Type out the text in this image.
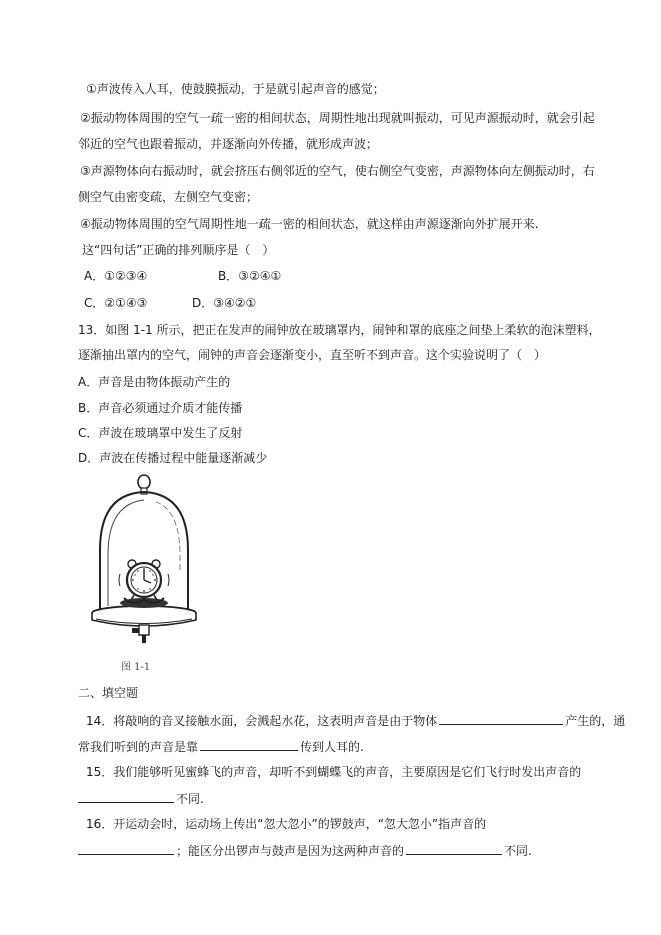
①声波传入人耳，使鼓膜振动，于是就引起声音的感觉；
②振动物体周围的空气一疏一密的相间状态，周期性地出现就叫振动，可见声源振动时，就会引起
邻近的空气也跟着振动，并逐渐向外传播，就形成声波；
③声源物体向右振动时，就会挤压右侧邻近的空气，使右侧空气变密，声源物体向左侧振动时，右
侧空气由密变疏，左侧空气变密；
④振动物体周围的空气周期性地一疏一密的相间状态，就这样由声源逐渐向外扩展开来.
这“四句话”正确的排列顺序是（　）
A．①②③④	B．③②④①
C．②①④③	D．③④②①
13．如图 1-1 所示，把正在发声的闹钟放在玻璃罩内，闹钟和罩的底座之间垫上柔软的泡沫塑料，
逐渐抽出罩内的空气，闹钟的声音会逐渐变小，直至听不到声音。这个实验说明了（　）
A．声音是由物体振动产生的
B．声音必须通过介质才能传播
C．声波在玻璃罩中发生了反射
D．声波在传播过程中能量逐渐减少
图 1-1
二、填空题
14．将敲响的音叉接触水面，会溅起水花，这表明声音是由于物体	产生的，通
常我们听到的声音是靠	传到人耳的.
15．我们能够听见蜜蜂飞的声音，却听不到蝴蝶飞的声音，主要原因是它们飞行时发出声音的
不同.
16．开运动会时，运动场上传出“忽大忽小”的锣鼓声，“忽大忽小”指声音的
；能区分出锣声与鼓声是因为这两种声音的	不同.
